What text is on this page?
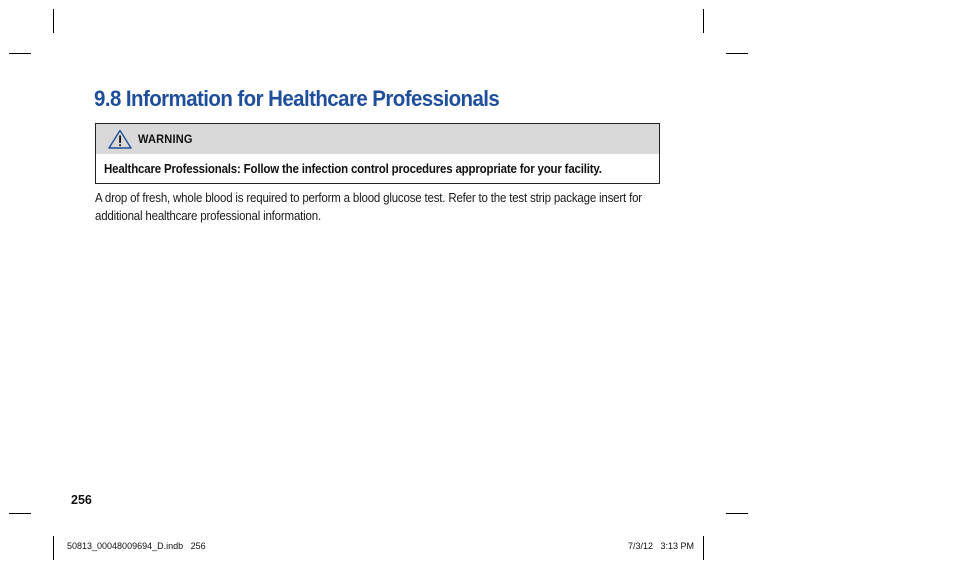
9.8 Information for Healthcare Professionals
WARNING
Healthcare Professionals: Follow the infection control procedures appropriate for your facility.

A drop of fresh, whole blood is required to perform a blood glucose test. Refer to the test strip package insert for additional healthcare professional information.

256
50813_00048009694_D.indb   256	7/3/12   3:13 PM
